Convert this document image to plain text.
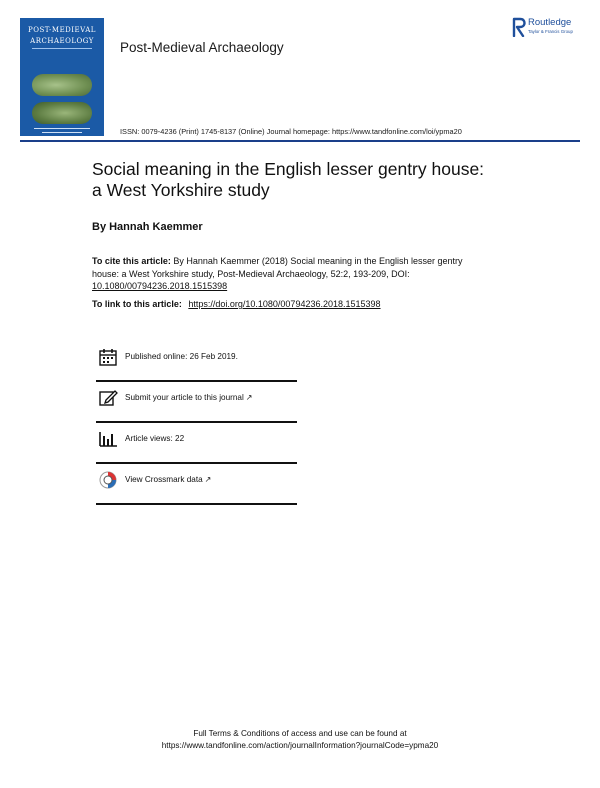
POST-MEDIEVAL
ARCHAEOLOGY	Post-Medieval Archaeology
ISSN: 0079-4236 (Print) 1745-8137 (Online) Journal homepage: https://www.tandfonline.com/loi/ypma20
Routledge
Taylor & Francis Group
Social meaning in the English lesser gentry house:
a West Yorkshire study
By Hannah Kaemmer
To cite this article: By Hannah Kaemmer (2018) Social meaning in the English lesser gentry house: a West Yorkshire study, Post-Medieval Archaeology, 52:2, 193-209, DOI: 10.1080/00794236.2018.1515398
To link to this article: https://doi.org/10.1080/00794236.2018.1515398
Published online: 26 Feb 2019.
Submit your article to this journal ↗
Article views: 22
View Crossmark data ↗
Full Terms & Conditions of access and use can be found at
https://www.tandfonline.com/action/journalInformation?journalCode=ypma20
